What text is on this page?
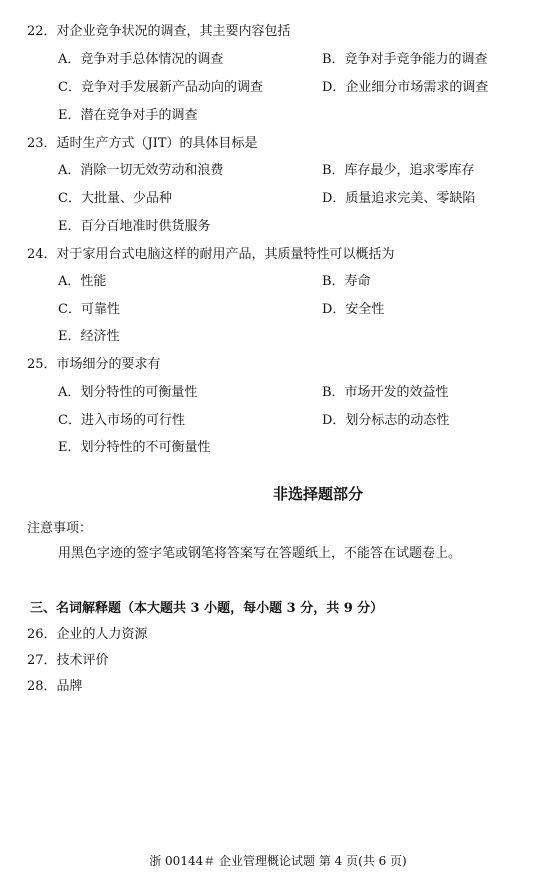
22．对企业竞争状况的调查，其主要内容包括
A．竞争对手总体情况的调查	B．竞争对手竞争能力的调查
C．竞争对手发展新产品动向的调查	D．企业细分市场需求的调查
E．潜在竞争对手的调查
23．适时生产方式（JIT）的具体目标是
A．消除一切无效劳动和浪费	B．库存最少，追求零库存
C．大批量、少品种	D．质量追求完美、零缺陷
E．百分百地准时供货服务
24．对于家用台式电脑这样的耐用产品，其质量特性可以概括为
A．性能	B．寿命
C．可靠性	D．安全性
E．经济性
25．市场细分的要求有
A．划分特性的可衡量性	B．市场开发的效益性
C．进入市场的可行性	D．划分标志的动态性
E．划分特性的不可衡量性
非选择题部分
注意事项：
用黑色字迹的签字笔或钢笔将答案写在答题纸上，不能答在试题卷上。
三、名词解释题（本大题共 3 小题，每小题 3 分，共 9 分）
26．企业的人力资源
27．技术评价
28．品牌
浙 00144＃ 企业管理概论试题 第 4 页(共 6 页)
